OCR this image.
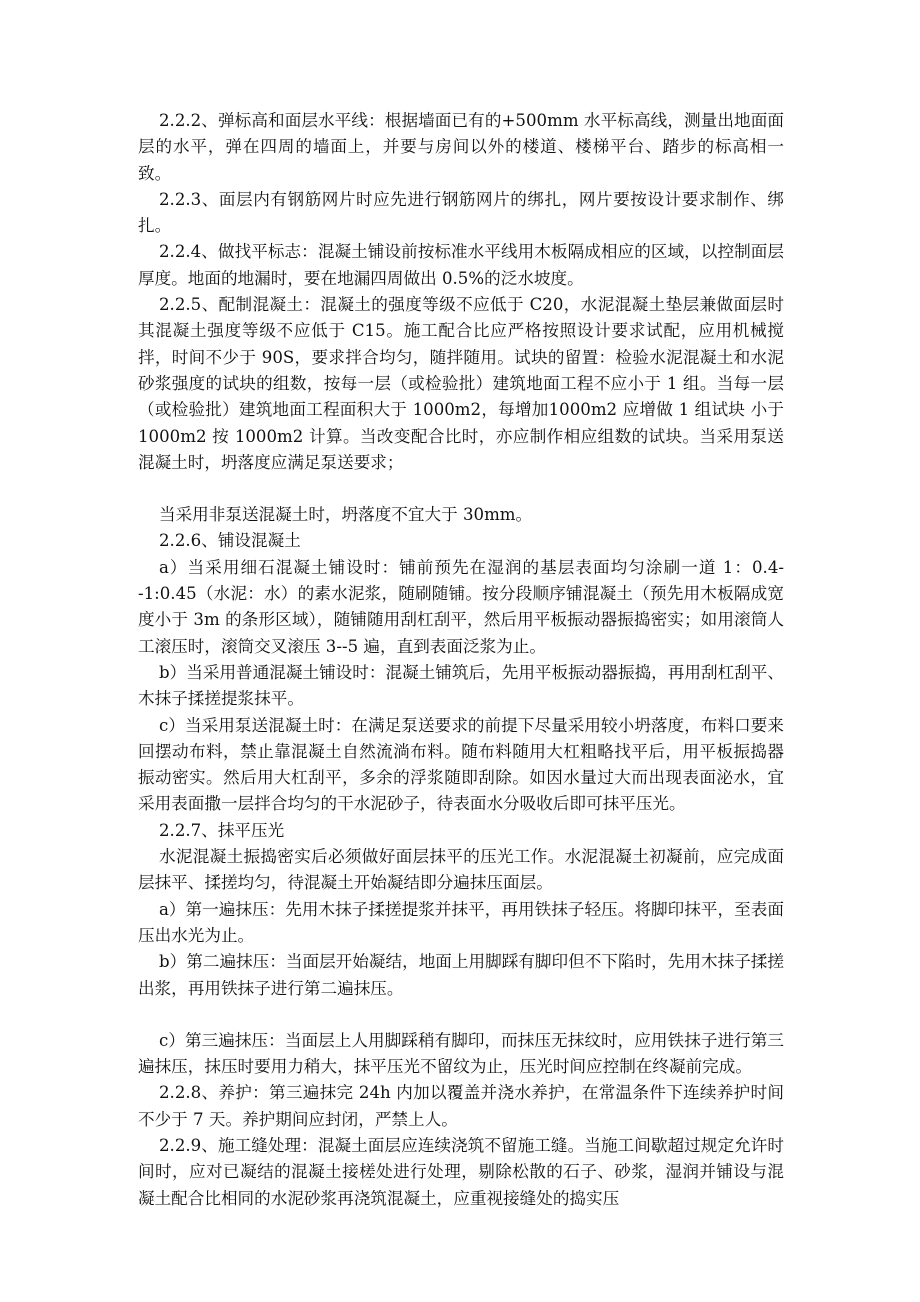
2.2.2、弹标高和面层水平线：根据墙面已有的+500mm 水平标高线，测量出地面面层的水平，弹在四周的墙面上，并要与房间以外的楼道、楼梯平台、踏步的标高相一致。

2.2.3、面层内有钢筋网片时应先进行钢筋网片的绑扎，网片要按设计要求制作、绑扎。

2.2.4、做找平标志：混凝土铺设前按标准水平线用木板隔成相应的区域，以控制面层厚度。地面的地漏时，要在地漏四周做出 0.5%的泛水坡度。

2.2.5、配制混凝土：混凝土的强度等级不应低于 C20，水泥混凝土垫层兼做面层时其混凝土强度等级不应低于 C15。施工配合比应严格按照设计要求试配，应用机械搅拌，时间不少于 90S，要求拌合均匀，随拌随用。试块的留置：检验水泥混凝土和水泥砂浆强度的试块的组数，按每一层（或检验批）建筑地面工程不应小于 1 组。当每一层（或检验批）建筑地面工程面积大于 1000m2，每增加1000m2 应增做 1 组试块 小于 1000m2 按 1000m2 计算。当改变配合比时，亦应制作相应组数的试块。当采用泵送混凝土时，坍落度应满足泵送要求；

当采用非泵送混凝土时，坍落度不宜大于 30mm。

2.2.6、铺设混凝土

a）当采用细石混凝土铺设时：铺前预先在湿润的基层表面均匀涂刷一道 1：0.4--1:0.45（水泥：水）的素水泥浆，随刷随铺。按分段顺序铺混凝土（预先用木板隔成宽度小于 3m 的条形区域），随铺随用刮杠刮平，然后用平板振动器振捣密实；如用滚筒人工滚压时，滚筒交叉滚压 3--5 遍，直到表面泛浆为止。

b）当采用普通混凝土铺设时：混凝土铺筑后，先用平板振动器振捣，再用刮杠刮平、木抹子揉搓提浆抹平。

c）当采用泵送混凝土时：在满足泵送要求的前提下尽量采用较小坍落度，布料口要来回摆动布料，禁止靠混凝土自然流淌布料。随布料随用大杠粗略找平后，用平板振捣器振动密实。然后用大杠刮平，多余的浮浆随即刮除。如因水量过大而出现表面泌水，宜采用表面撒一层拌合均匀的干水泥砂子，待表面水分吸收后即可抹平压光。

2.2.7、抹平压光

水泥混凝土振捣密实后必须做好面层抹平的压光工作。水泥混凝土初凝前，应完成面层抹平、揉搓均匀，待混凝土开始凝结即分遍抹压面层。

a）第一遍抹压：先用木抹子揉搓提浆并抹平，再用铁抹子轻压。将脚印抹平，至表面压出水光为止。

b）第二遍抹压：当面层开始凝结，地面上用脚踩有脚印但不下陷时，先用木抹子揉搓出浆，再用铁抹子进行第二遍抹压。

c）第三遍抹压：当面层上人用脚踩稍有脚印，而抹压无抹纹时，应用铁抹子进行第三遍抹压，抹压时要用力稍大，抹平压光不留纹为止，压光时间应控制在终凝前完成。

2.2.8、养护：第三遍抹完 24h 内加以覆盖并浇水养护，在常温条件下连续养护时间不少于 7 天。养护期间应封闭，严禁上人。

2.2.9、施工缝处理：混凝土面层应连续浇筑不留施工缝。当施工间歇超过规定允许时间时，应对已凝结的混凝土接槎处进行处理，剔除松散的石子、砂浆，湿润并铺设与混凝土配合比相同的水泥砂浆再浇筑混凝土，应重视接缝处的捣实压
